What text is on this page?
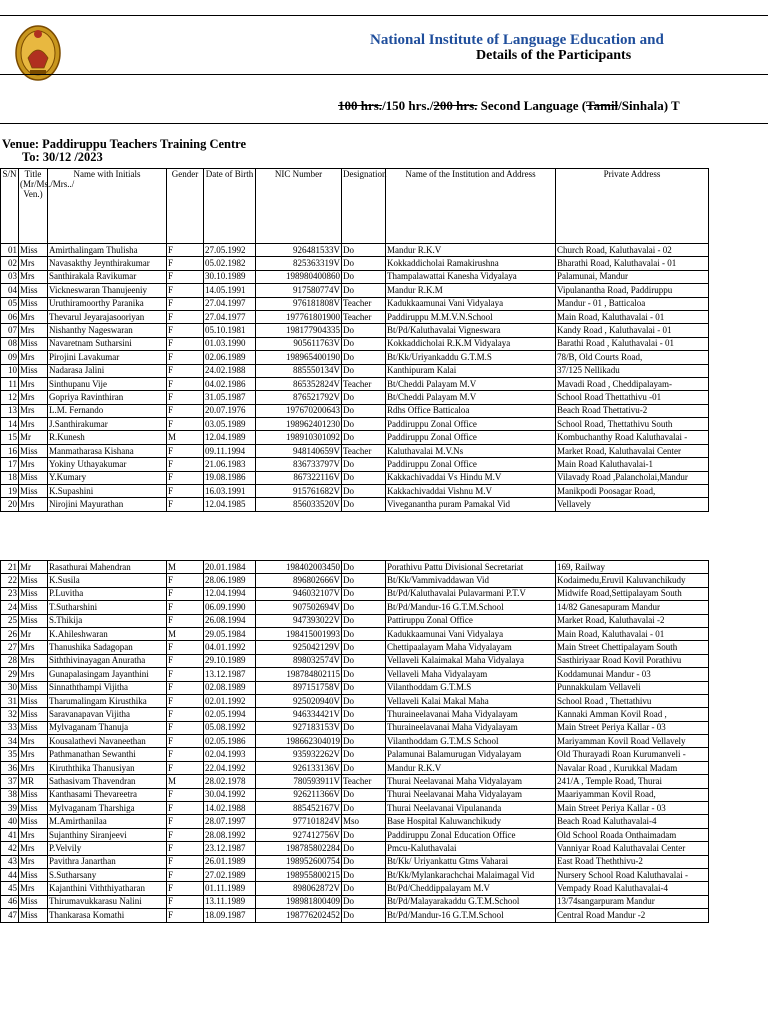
National Institute of Language Education and
Details of the Participants
100 hrs./150 hrs./200 hrs. Second Language (Tamil/Sinhala) T
Venue: Paddiruppu Teachers Training Centre
To: 30/12 /2023
S/N	Title (Mr/Ms./Mrs../ Ven.)	Name with Initials	Gender	Date of Birth	NIC Number	Designation	Name of the Institution and Address	Private Address
01	Miss	Amirthalingam Thulisha	F	27.05.1992	926481533V	Do	Mandur R.K.V	Church Road, Kaluthavalai - 02
02	Mrs	Navasakthy Jeynthirakumar	F	05.02.1982	825363319V	Do	Kokkaddicholai Ramakirushna	Bharathi Road, Kaluthavalai - 01
03	Mrs	Santhirakala Ravikumar	F	30.10.1989	198980400860	Do	Thampalawattai Kanesha Vidyalaya	Palamunai, Mandur
04	Miss	Vickneswaran Thanujeeniy	F	14.05.1991	917580774V	Do	Mandur R.K.M	Vipulanantha Road, Paddiruppu
05	Miss	Uruthiramoorthy Paranika	F	27.04.1997	976181808V	Teacher	Kadukkaamunai Vani Vidyalaya	Mandur - 01 , Batticaloa
06	Mrs	Thevarul Jeyarajasooriyan	F	27.04.1977	197761801900	Teacher	Paddiruppu M.M.V.N.School	Main Road, Kaluthavalai - 01
07	Mrs	Nishanthy Nageswaran	F	05.10.1981	198177904335	Do	Bt/Pd/Kaluthavalai Vigneswara	Kandy Road , Kaluthavalai - 01
08	Miss	Navaretnam Sutharsini	F	01.03.1990	905611763V	Do	Kokkaddicholai R.K.M Vidyalaya	Barathi Road , Kaluthavalai - 01
09	Mrs	Pirojini Lavakumar	F	02.06.1989	198965400190	Do	Bt/Kk/Uriyankaddu G.T.M.S	78/B, Old Courts Road,
10	Miss	Nadarasa Jalini	F	24.02.1988	885550134V	Do	Kanthipuram Kalai	37/125 Nellikadu
11	Mrs	Sinthupanu Vije	F	04.02.1986	865352824V	Teacher	Bt/Cheddi Palayam M.V	Mavadi Road , Cheddipalayam-
12	Mrs	Gopriya Ravinthiran	F	31.05.1987	876521792V	Do	Bt/Cheddi Palayam M.V	School Road Thettathivu -01
13	Mrs	L.M. Fernando	F	20.07.1976	197670200643	Do	Rdhs Office Batticaloa	Beach Road Thettativu-2
14	Mrs	J.Santhirakumar	F	03.05.1989	198962401230	Do	Paddiruppu Zonal Office	School Road, Thettathivu South
15	Mr	R.Kunesh	M	12.04.1989	198910301092	Do	Paddiruppu Zonal Office	Kombuchanthy Road Kaluthavalai -
16	Miss	Manmatharasa Kishana	F	09.11.1994	948140659V	Teacher	Kaluthavalai M.V.Ns	Market Road, Kaluthavalai Center
17	Mrs	Yokiny Uthayakumar	F	21.06.1983	836733797V	Do	Paddiruppu Zonal Office	Main Road Kaluthavalai-1
18	Miss	Y.Kumary	F	19.08.1986	867322116V	Do	Kakkachivaddai Vs Hindu M.V	Vilavady Road ,Palancholai,Mandur
19	Miss	K.Supashini	F	16.03.1991	915761682V	Do	Kakkachivaddai Vishnu M.V	Manikpodi Poosagar Road,
20	Mrs	Nirojini Mayurathan	F	12.04.1985	856033520V	Do	Viveganantha puram Pamakal Vid	Vellavely
21	Mr	Rasathurai Mahendran	M	20.01.1984	198402003450	Do	Porathivu Pattu Divisional Secretariat	169, Railway
22	Miss	K.Susila	F	28.06.1989	896802666V	Do	Bt/Kk/Vammivaddawan Vid	Kodaimedu,Eruvil Kaluvanchikudy
23	Miss	P.Luvitha	F	12.04.1994	946032107V	Do	Bt/Pd/Kaluthavalai Pulavarmani P.T.V	Midwife Road,Settipalayam South
24	Miss	T.Sutharshini	F	06.09.1990	907502694V	Do	Bt/Pd/Mandur-16 G.T.M.School	14/82 Ganesapuram Mandur
25	Miss	S.Thikija	F	26.08.1994	947393022V	Do	Pattiruppu Zonal Office	Market Road, Kaluthavalai -2
26	Mr	K.Ahileshwaran	M	29.05.1984	198415001993	Do	Kadukkaamunai Vani Vidyalaya	Main Road, Kaluthavalai - 01
27	Mrs	Thanushika Sadagopan	F	04.01.1992	925042129V	Do	Chettipaalayam Maha Vidyalayam	Main Street Chettipalayam South
28	Mrs	Siththivinayagan Anuratha	F	29.10.1989	898032574V	Do	Vellaveli Kalaimakal Maha Vidyalaya	Sasthiriyaar Road Kovil Porathivu
29	Mrs	Gunapalasingam Jayanthini	F	13.12.1987	198784802115	Do	Vellaveli Maha Vidyalayam	Koddamunai Mandur - 03
30	Miss	Sinnaththampi Vijitha	F	02.08.1989	897151758V	Do	Vilanthoddam G.T.M.S	Punnakkulam Vellaveli
31	Miss	Tharumalingam Kirusthika	F	02.01.1992	925020940V	Do	Vellaveli Kalai Makal Maha	School Road , Thettathivu
32	Miss	Saravanapavan Vijitha	F	02.05.1994	946334421V	Do	Thuraineelavanai Maha Vidyalayam	Kannaki Amman Kovil Road ,
33	Miss	Mylvaganam Thanuja	F	05.08.1992	927183153V	Do	Thuraineelavanai Maha Vidyalayam	Main Street Periya Kallar - 03
34	Mrs	Kousalathevi Navaneethan	F	02.05.1986	198662304019	Do	Vilanthoddam G.T.M.S School	Mariyamman Kovil Road Vellavely
35	Mrs	Pathmanathan Sewanthi	F	02.04.1993	935932262V	Do	Palamunai Balamurugan Vidyalayam	Old Thurayadi Roan Kurumanveli -
36	Mrs	Kiruththika Thanusiyan	F	22.04.1992	926133136V	Do	Mandur R.K.V	Navalar Road , Kurukkal Madam
37	MR	Sathasivam Thavendran	M	28.02.1978	780593911V	Teacher	Thurai Neelavanai Maha Vidyalayam	241/A , Temple Road, Thurai
38	Miss	Kanthasami Thevareetra	F	30.04.1992	926211366V	Do	Thurai Neelavanai Maha Vidyalayam	Maariyamman Kovil Road,
39	Miss	Mylvaganam Tharshiga	F	14.02.1988	885452167V	Do	Thurai Neelavanai Vipulananda	Main Street Periya Kallar - 03
40	Miss	M.Amirthanilaa	F	28.07.1997	977101824V	Mso	Base Hospital Kaluwanchikudy	Beach Road Kaluthavalai-4
41	Mrs	Sujanthiny Siranjeevi	F	28.08.1992	927412756V	Do	Paddiruppu Zonal Education Office	Old School Roada Onthaimadam
42	Mrs	P.Velvily	F	23.12.1987	198785802284	Do	Pmcu-Kaluthavalai	Vanniyar Road Kaluthavalai Center
43	Mrs	Pavithra Janarthan	F	26.01.1989	198952600754	Do	Bt/Kk/ Uriyankattu Gtms Vaharai	East Road Theththivu-2
44	Miss	S.Sutharsany	F	27.02.1989	198955800215	Do	Bt/Kk/Mylankarachchai Malaimagal Vid	Nursery School Road Kaluthavalai -
45	Mrs	Kajanthini Viththiyatharan	F	01.11.1989	898062872V	Do	Bt/Pd/Cheddippalayam M.V	Vempady Road Kaluthavalai-4
46	Miss	Thirumavukkarasu Nalini	F	13.11.1989	198981800409	Do	Bt/Pd/Malayarakaddu G.T.M.School	13/74sangarpuram Mandur
47	Miss	Thankarasa Komathi	F	18.09.1987	198776202452	Do	Bt/Pd/Mandur-16 G.T.M.School	Central Road Mandur -2
